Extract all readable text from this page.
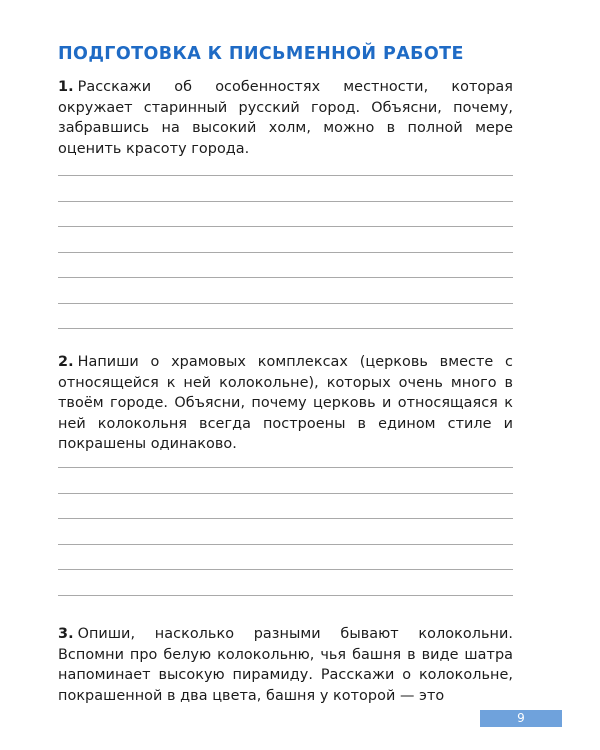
ПОДГОТОВКА К ПИСЬМЕННОЙ РАБОТЕ
1. Расскажи об особенностях местности, которая окружает старинный русский город. Объясни, почему, забравшись на высокий холм, можно в полной мере оценить красоту города.
2. Напиши о храмовых комплексах (церковь вместе с относящейся к ней колокольне), которых очень много в твоём городе. Объясни, почему церковь и относящаяся к ней колокольня всегда построены в едином стиле и покрашены одинаково.
3. Опиши, насколько разными бывают колокольни. Вспомни про белую колокольню, чья башня в виде шатра напоминает высокую пирамиду. Расскажи о колокольне, покрашенной в два цвета, башня у которой — это
9
